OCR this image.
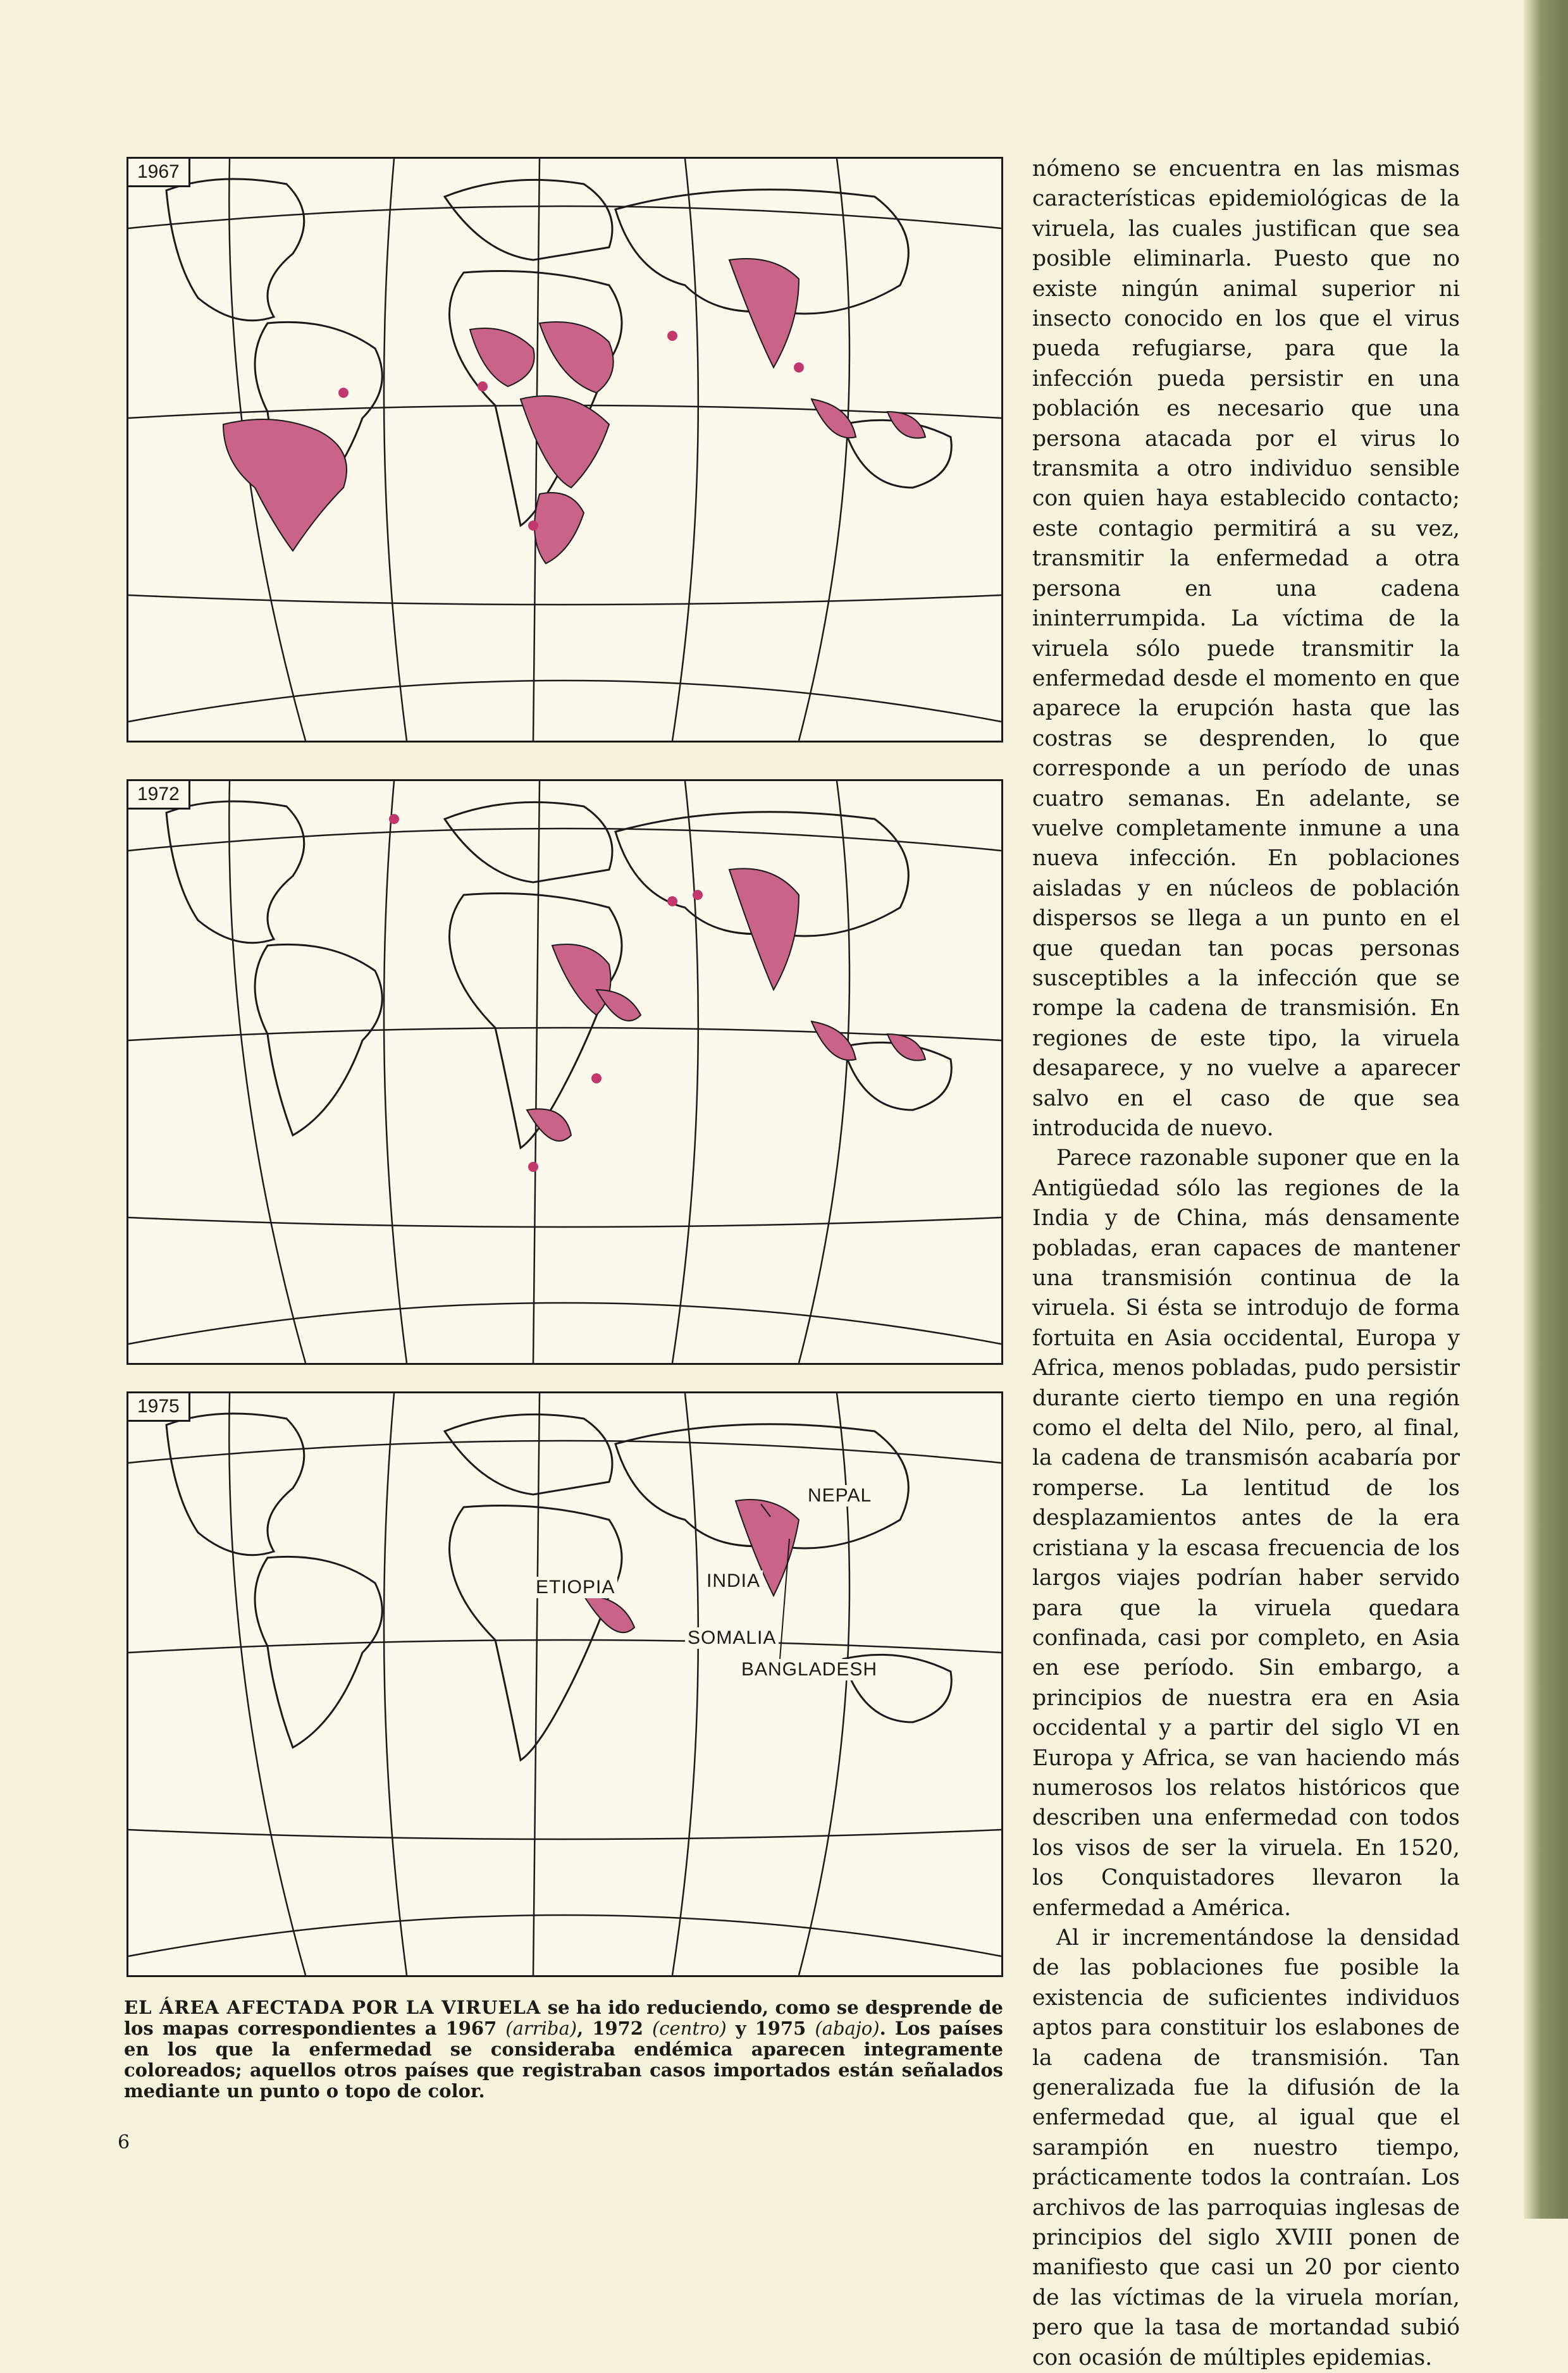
1967
1972
1975
NEPAL
ETIOPIA	INDIA
SOMALIA
BANGLADESH
EL ÁREA AFECTADA POR LA VIRUELA se ha ido reduciendo, como se desprende de los mapas correspondientes a 1967 (arriba), 1972 (centro) y 1975 (abajo). Los países en los que la enfermedad se consideraba endémica aparecen integramente coloreados; aquellos otros países que registraban casos importados están señalados mediante un punto o topo de color.

nómeno se encuentra en las mismas características epidemiológicas de la viruela, las cuales justifican que sea posible eliminarla. Puesto que no existe ningún animal superior ni insecto conocido en los que el virus pueda refugiarse, para que la infección pueda persistir en una población es necesario que una persona atacada por el virus lo transmita a otro individuo sensible con quien haya establecido contacto; este contagio permitirá a su vez, transmitir la enfermedad a otra persona en una cadena ininterrumpida. La víctima de la viruela sólo puede transmitir la enfermedad desde el momento en que aparece la erupción hasta que las costras se desprenden, lo que corresponde a un período de unas cuatro semanas. En adelante, se vuelve completamente inmune a una nueva infección. En poblaciones aisladas y en núcleos de población dispersos se llega a un punto en el que quedan tan pocas personas susceptibles a la infección que se rompe la cadena de transmisión. En regiones de este tipo, la viruela desaparece, y no vuelve a aparecer salvo en el caso de que sea introducida de nuevo.

Parece razonable suponer que en la Antigüedad sólo las regiones de la India y de China, más densamente pobladas, eran capaces de mantener una transmisión continua de la viruela. Si ésta se introdujo de forma fortuita en Asia occidental, Europa y Africa, menos pobladas, pudo persistir durante cierto tiempo en una región como el delta del Nilo, pero, al final, la cadena de transmisón acabaría por romperse. La lentitud de los desplazamientos antes de la era cristiana y la escasa frecuencia de los largos viajes podrían haber servido para que la viruela quedara confinada, casi por completo, en Asia en ese período. Sin embargo, a principios de nuestra era en Asia occidental y a partir del siglo VI en Europa y Africa, se van haciendo más numerosos los relatos históricos que describen una enfermedad con todos los visos de ser la viruela. En 1520, los Conquistadores llevaron la enfermedad a América.

Al ir incrementándose la densidad de las poblaciones fue posible la existencia de suficientes individuos aptos para constituir los eslabones de la cadena de transmisión. Tan generalizada fue la difusión de la enfermedad que, al igual que el sarampión en nuestro tiempo, prácticamente todos la contraían. Los archivos de las parroquias inglesas de principios del siglo XVIII ponen de manifiesto que casi un 20 por ciento de las víctimas de la viruela morían, pero que la tasa de mortandad subió con ocasión de múltiples epidemias.

6
